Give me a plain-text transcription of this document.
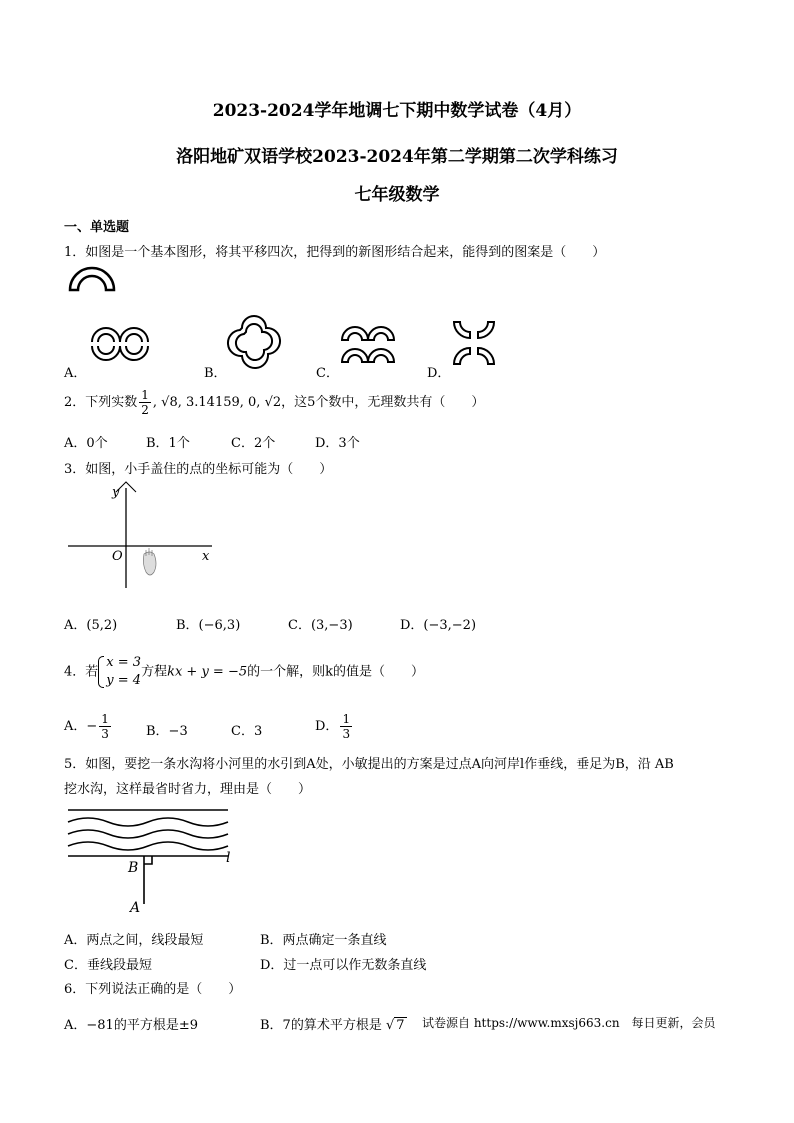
2023-2024学年地调七下期中数学试卷（4月）
洛阳地矿双语学校2023-2024年第二学期第二次学科练习
七年级数学
一、单选题
1．如图是一个基本图形，将其平移四次，把得到的新图形结合起来，能得到的图案是（　　）
A．	B．	C．	D．
2．下列实数 $\frac{1}{2}$ , √8, 3.14159, 0, √2，这5个数中，无理数共有（　　）
A．0个	B．1个	C．2个	D．3个
3．如图，小手盖住的点的坐标可能为（　　）
y
x
O
A．(5,2)	B．(−6,3)	C．(3,−3)	D．(−3,−2)
4．若
x = 3
y = 4
方程kx + y = −5的一个解，则k的值是（　　）
A．− $\frac{1}{3}$	B．−3	C．3	D． $\frac{1}{3}$
5．如图，要挖一条水沟将小河里的水引到A处，小敏提出的方案是过点A向河岸l作垂线，垂足为B，沿 AB
挖水沟，这样最省时省力，理由是（　　）
B
A
l
A．两点之间，线段最短	B．两点确定一条直线
C．垂线段最短	D．过一点可以作无数条直线
6．下列说法正确的是（　　）
A．−81的平方根是±9	B．7的算术平方根是 √ 7 试卷源自 https://www.mxsj663.cn　每日更新，会员
